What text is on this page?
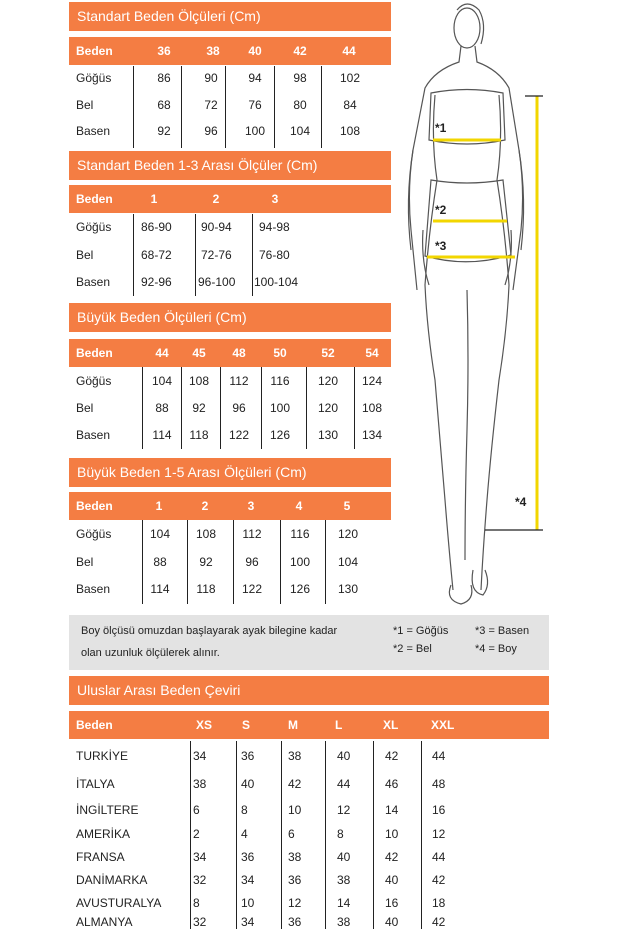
Standart Beden Ölçüleri (Cm)
Beden	36	38	40	42	44
Göğüs	86	90	94	98	102
Bel	68	72	76	80	84
Basen	92	96	100	104	108
Standart Beden 1-3 Arası Ölçüler (Cm)
Beden	1	2	3
Göğüs 86-90 90-94 94-98
Bel	68-72 72-76 76-80
Basen	92-96 96-100 100-104
Büyük Beden Ölçüleri (Cm)
Beden	44	45	48	50	52	54
Göğüs	104	108	112	116	120	124
Bel	88	92	96	100	120	108
Basen	114	118	122	126	130	134
Büyük Beden 1-5 Arası Ölçüleri (Cm)
Beden	1	2	3	4	5
Göğüs	104	108	112	116	120
Bel	88	92	96	100	104
Basen	114	118	122	126	130
*1
*2
*3
*4
Boy ölçüsü omuzdan başlayarak ayak bilegine kadar
olan uzunluk ölçülerek alınır.
*1 = Göğüs
*2 = Bel
*3 = Basen
*4 = Boy
Uluslar Arası Beden Çeviri
Beden	XS S	M	L	XL	XXL
TURKİYE	34	36	38	40	42	44
İTALYA	38	40	42	44	46	48
İNGİLTERE	6	8	10	12	14	16
AMERİKA	2	4	6	8	10	12
FRANSA	34	36	38	40	42	44
DANİMARKA	32	34	36	38	40	42
AVUSTURALYA	8	10	12	14	16	18
ALMANYA	32	34	36	38	40	42
